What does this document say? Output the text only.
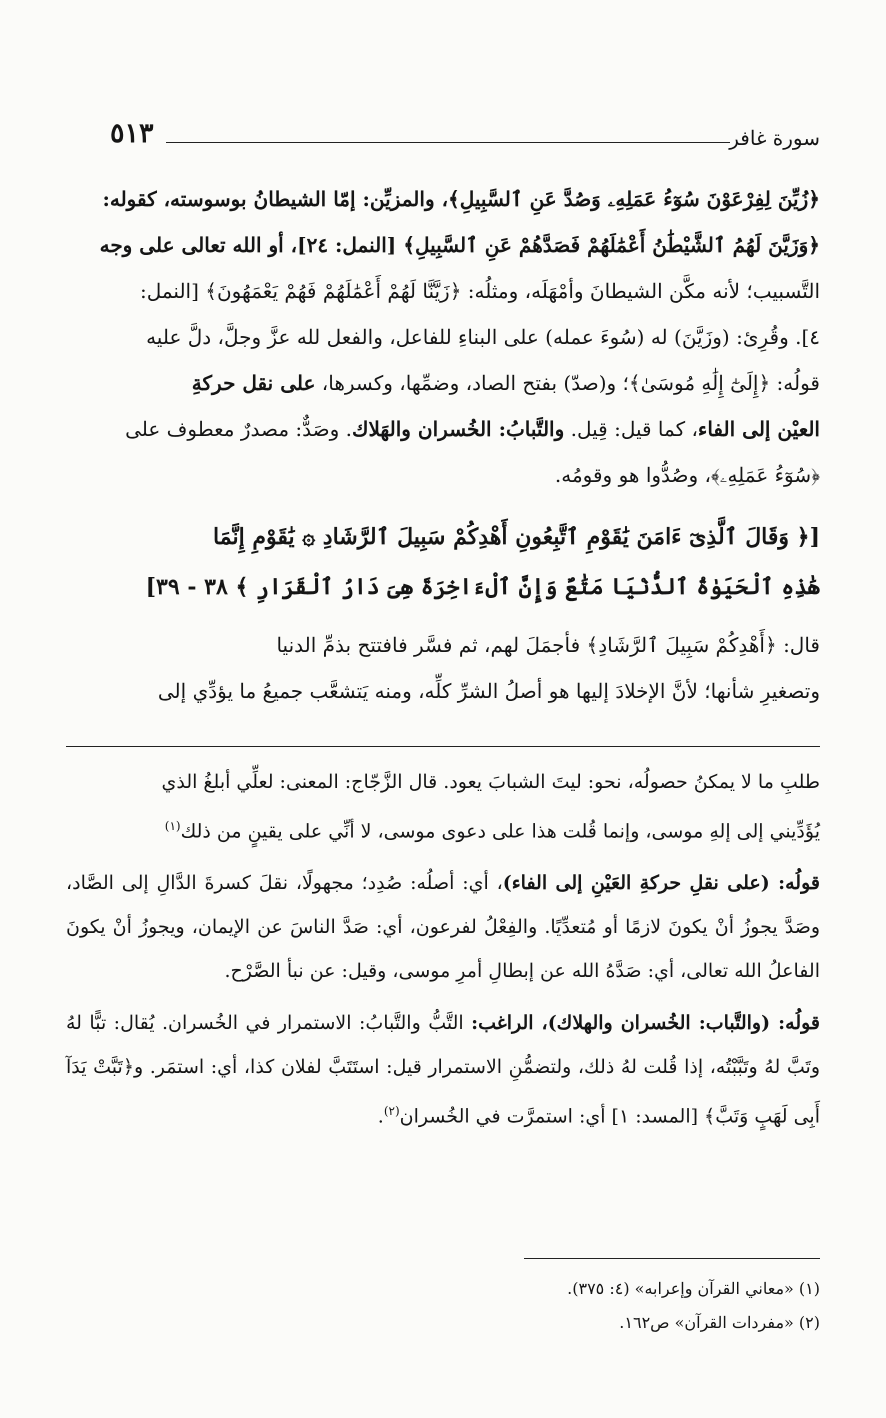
٥١٣	سورة غافر

﴿زُيِّنَ لِفِرْعَوْنَ سُوٓءُ عَمَلِهِۦ وَصُدَّ عَنِ ٱلسَّبِيلِ﴾، والمزيِّن: إمّا الشيطانُ بوسوسته، كقوله:
﴿وَزَيَّنَ لَهُمُ ٱلشَّيْطَٰنُ أَعْمَٰلَهُمْ فَصَدَّهُمْ عَنِ ٱلسَّبِيلِ﴾ [النمل: ٢٤]، أو الله تعالى على وجه
التَّسبيب؛ لأنه مكَّن الشيطانَ وأمْهَلَه، ومثلُه: ﴿زَيَّنَّا لَهُمْ أَعْمَٰلَهُمْ فَهُمْ يَعْمَهُونَ﴾ [النمل:
٤]. وقُرِئ: (وزَيَّنَ) له (سُوءَ عمله) على البناءِ للفاعل، والفعل لله عزَّ وجلَّ، دلَّ عليه
قولُه: ﴿إِلَىٰٓ إِلَٰهِ مُوسَىٰ﴾؛ و(صدّ) بفتح الصاد، وضمِّها، وكسرها، على نقل حركةِ
العيْن إلى الفاء، كما قيل: قِيل. والتَّبابُ: الخُسران والهَلاك. وصَدٌّ: مصدرٌ معطوف على
﴿سُوٓءُ عَمَلِهِۦ﴾، وصُدُّوا هو وقومُه.

[﴿ وَقَالَ ٱلَّذِىٓ ءَامَنَ يَٰقَوْمِ ٱتَّبِعُونِ أَهْدِكُمْ سَبِيلَ ٱلرَّشَادِ ۞ يَٰقَوْمِ إِنَّمَا
هَٰذِهِ ٱلْحَيَوٰةُ ٱلدُّنْيَا مَتَٰعٌ وَإِنَّ ٱلْءَاخِرَةَ هِىَ دَارُ ٱلْقَرَارِ ﴾ ٣٨ - ٣٩]

قال: ﴿أَهْدِكُمْ سَبِيلَ ٱلرَّشَادِ﴾ فأجمَلَ لهم، ثم فسَّر فافتتح بذمِّ الدنيا
وتصغيرِ شأنها؛ لأنَّ الإخلادَ إليها هو أصلُ الشرِّ كلِّه، ومنه يَتشعَّب جميعُ ما يؤدِّي إلى

طلبِ ما لا يمكنُ حصولُه، نحو: ليتَ الشبابَ يعود. قال الزَّجّاج: المعنى: لعلِّي أبلغُ الذي
يُؤَدِّيني إلى إلهِ موسى، وإنما قُلت هذا على دعوى موسى، لا أنِّي على يقينٍ من ذلك$^{(١)}$

قولُه: (على نقلِ حركةِ العَيْنِ إلى الفاء)، أي: أصلُه: صُدِد؛ مجهولًا، نقلَ كسرةَ الدَّالِ إلى الصَّاد، وصَدَّ يجوزُ أنْ يكونَ لازمًا أو مُتعدِّيًا. والفِعْلُ لفرعون، أي: صَدَّ الناسَ عن الإيمان، ويجوزُ أنْ يكونَ الفاعلُ الله تعالى، أي: صَدَّهُ الله عن إبطالِ أمرِ موسى، وقيل: عن نبأ الصَّرْح.

قولُه: (والتَّباب: الخُسران والهلاك)، الراغب: التَّبُّ والتَّبابُ: الاستمرار في الخُسران. يُقال: تبًّا لهُ وتَبَّ لهُ وتَبَّبْتُه، إذا قُلت لهُ ذلك، ولتضمُّنِ الاستمرار قيل: استَتَبَّ لفلان كذا، أي: استمَر. و﴿تَبَّتْ يَدَآ أَبِى لَهَبٍ وَتَبَّ﴾ [المسد: ١] أي: استمرَّت في الخُسران$^{(٢)}$.

(١) «معاني القرآن وإعرابه» (٤: ٣٧٥).
(٢) «مفردات القرآن» ص١٦٢.
